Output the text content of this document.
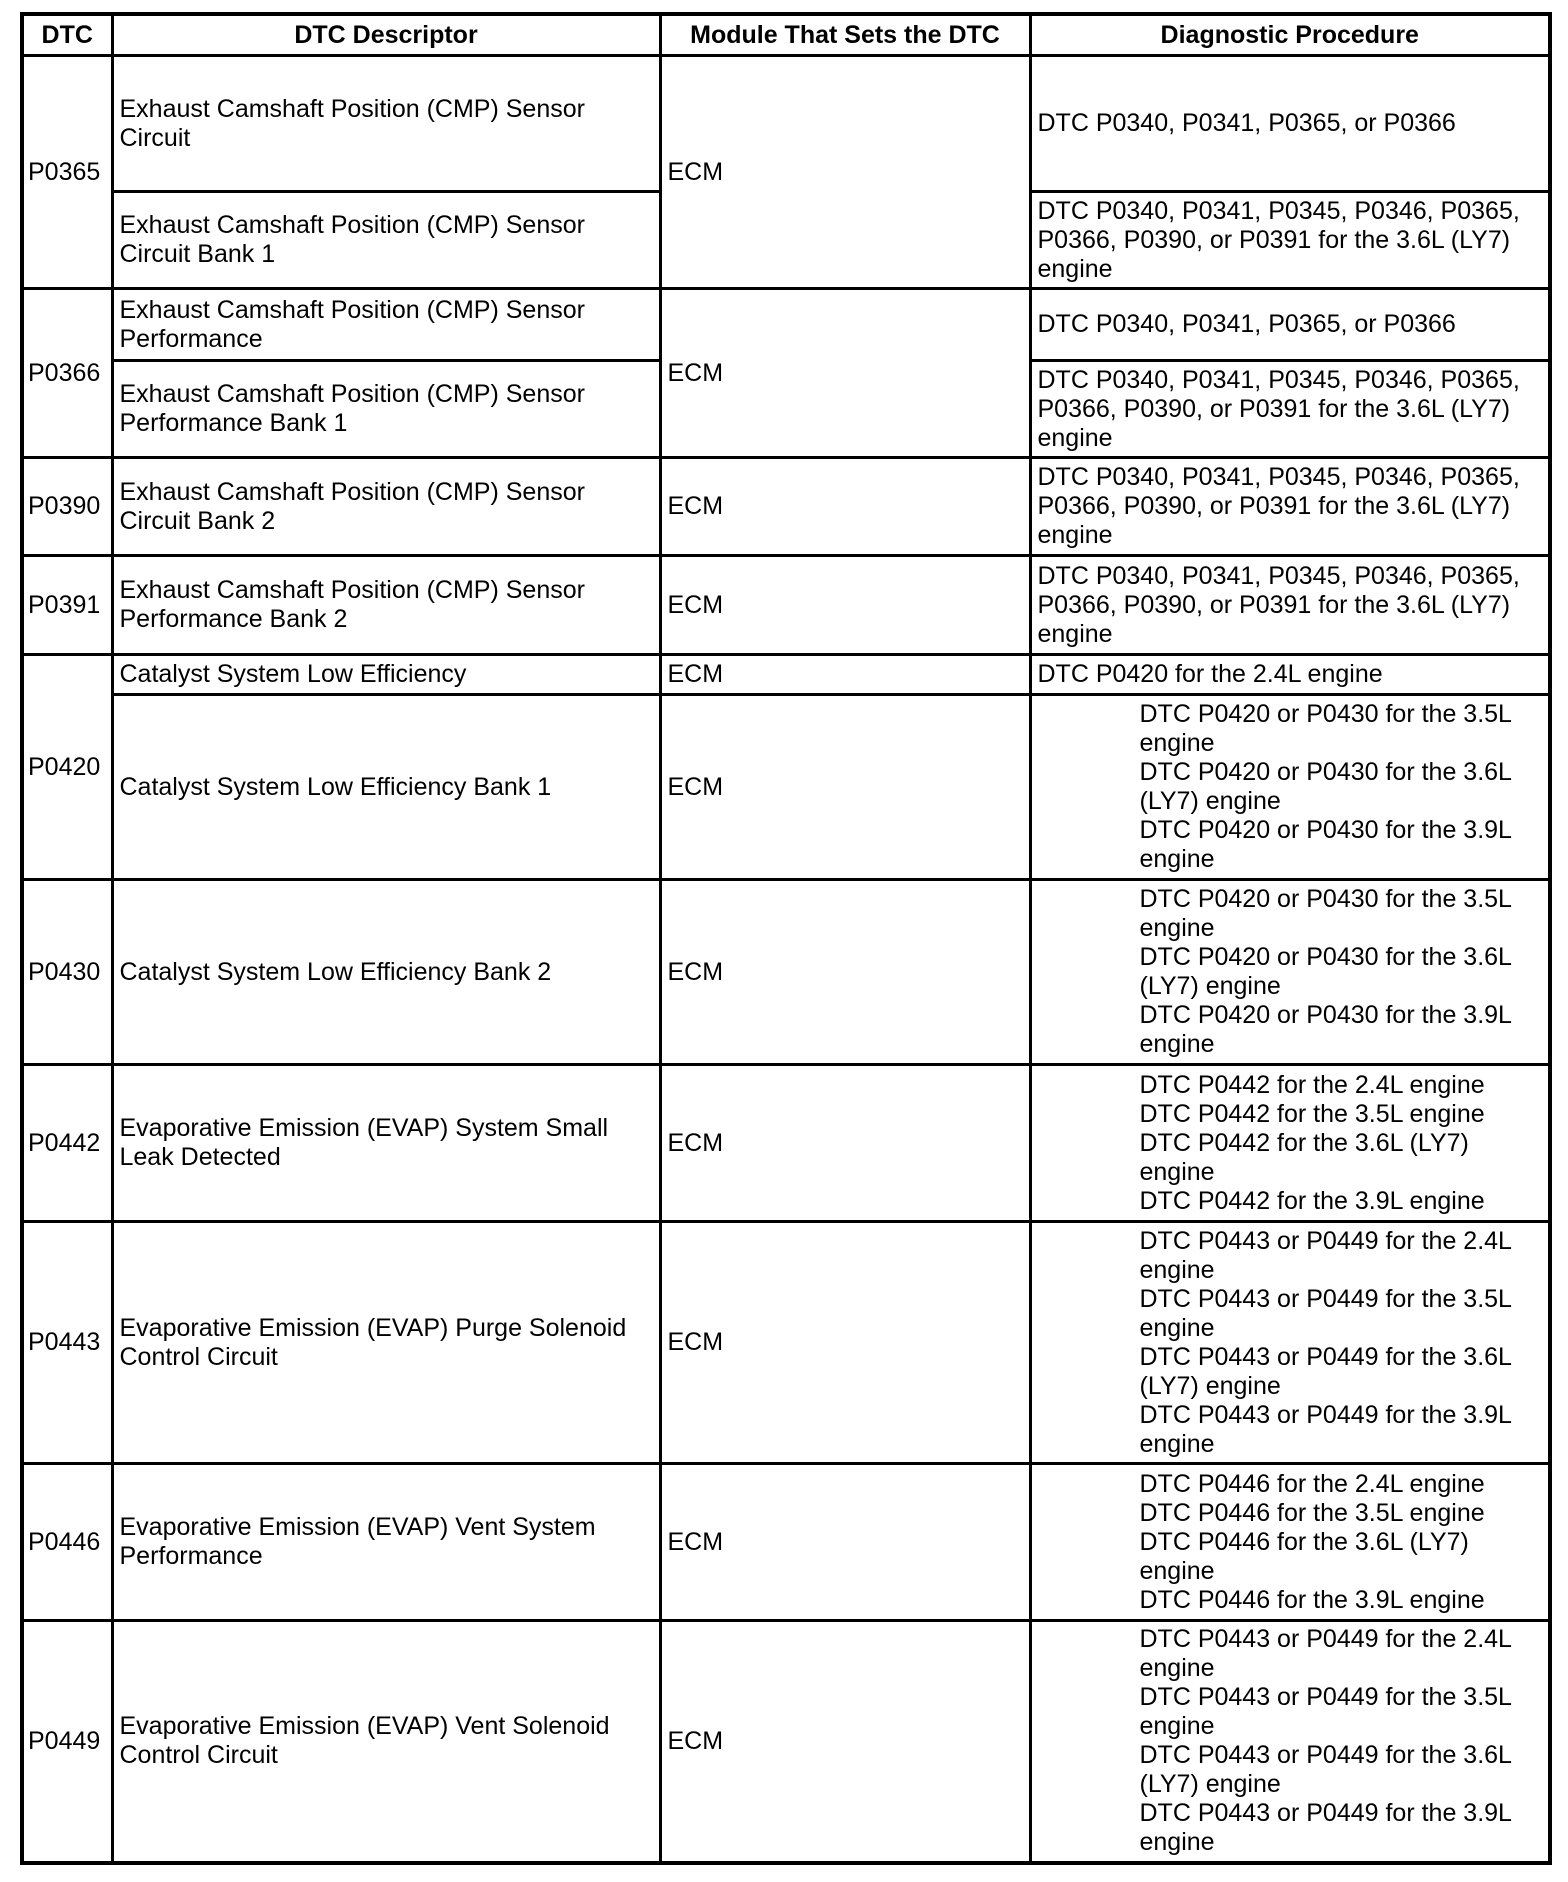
DTC	DTC Descriptor	Module That Sets the DTC	Diagnostic Procedure
P0365	Exhaust Camshaft Position (CMP) Sensor Circuit	ECM	DTC P0340, P0341, P0365, or P0366

	Exhaust Camshaft Position (CMP) Sensor Circuit Bank 1		DTC P0340, P0341, P0345, P0346, P0365, P0366, P0390, or P0391 for the 3.6L (LY7) engine

P0366	Exhaust Camshaft Position (CMP) Sensor Performance	ECM	DTC P0340, P0341, P0365, or P0366

	Exhaust Camshaft Position (CMP) Sensor Performance Bank 1		DTC P0340, P0341, P0345, P0346, P0365, P0366, P0390, or P0391 for the 3.6L (LY7) engine

P0390	Exhaust Camshaft Position (CMP) Sensor Circuit Bank 2	ECM	DTC P0340, P0341, P0345, P0346, P0365, P0366, P0390, or P0391 for the 3.6L (LY7) engine

P0391	Exhaust Camshaft Position (CMP) Sensor Performance Bank 2	ECM	DTC P0340, P0341, P0345, P0346, P0365, P0366, P0390, or P0391 for the 3.6L (LY7) engine

P0420	Catalyst System Low Efficiency	ECM	DTC P0420 for the 2.4L engine

	Catalyst System Low Efficiency Bank 1	ECM	DTC P0420 or P0430 for the 3.5L engine
DTC P0420 or P0430 for the 3.6L (LY7) engine
DTC P0420 or P0430 for the 3.9L engine

P0430	Catalyst System Low Efficiency Bank 2	ECM	DTC P0420 or P0430 for the 3.5L engine
DTC P0420 or P0430 for the 3.6L (LY7) engine
DTC P0420 or P0430 for the 3.9L engine

P0442	Evaporative Emission (EVAP) System Small Leak Detected	ECM	DTC P0442 for the 2.4L engine
DTC P0442 for the 3.5L engine
DTC P0442 for the 3.6L (LY7) engine
DTC P0442 for the 3.9L engine

P0443	Evaporative Emission (EVAP) Purge Solenoid Control Circuit	ECM	DTC P0443 or P0449 for the 2.4L engine
DTC P0443 or P0449 for the 3.5L engine
DTC P0443 or P0449 for the 3.6L (LY7) engine
DTC P0443 or P0449 for the 3.9L engine

P0446	Evaporative Emission (EVAP) Vent System Performance	ECM	DTC P0446 for the 2.4L engine
DTC P0446 for the 3.5L engine
DTC P0446 for the 3.6L (LY7) engine
DTC P0446 for the 3.9L engine

P0449	Evaporative Emission (EVAP) Vent Solenoid Control Circuit	ECM	DTC P0443 or P0449 for the 2.4L engine
DTC P0443 or P0449 for the 3.5L engine
DTC P0443 or P0449 for the 3.6L (LY7) engine
DTC P0443 or P0449 for the 3.9L engine
